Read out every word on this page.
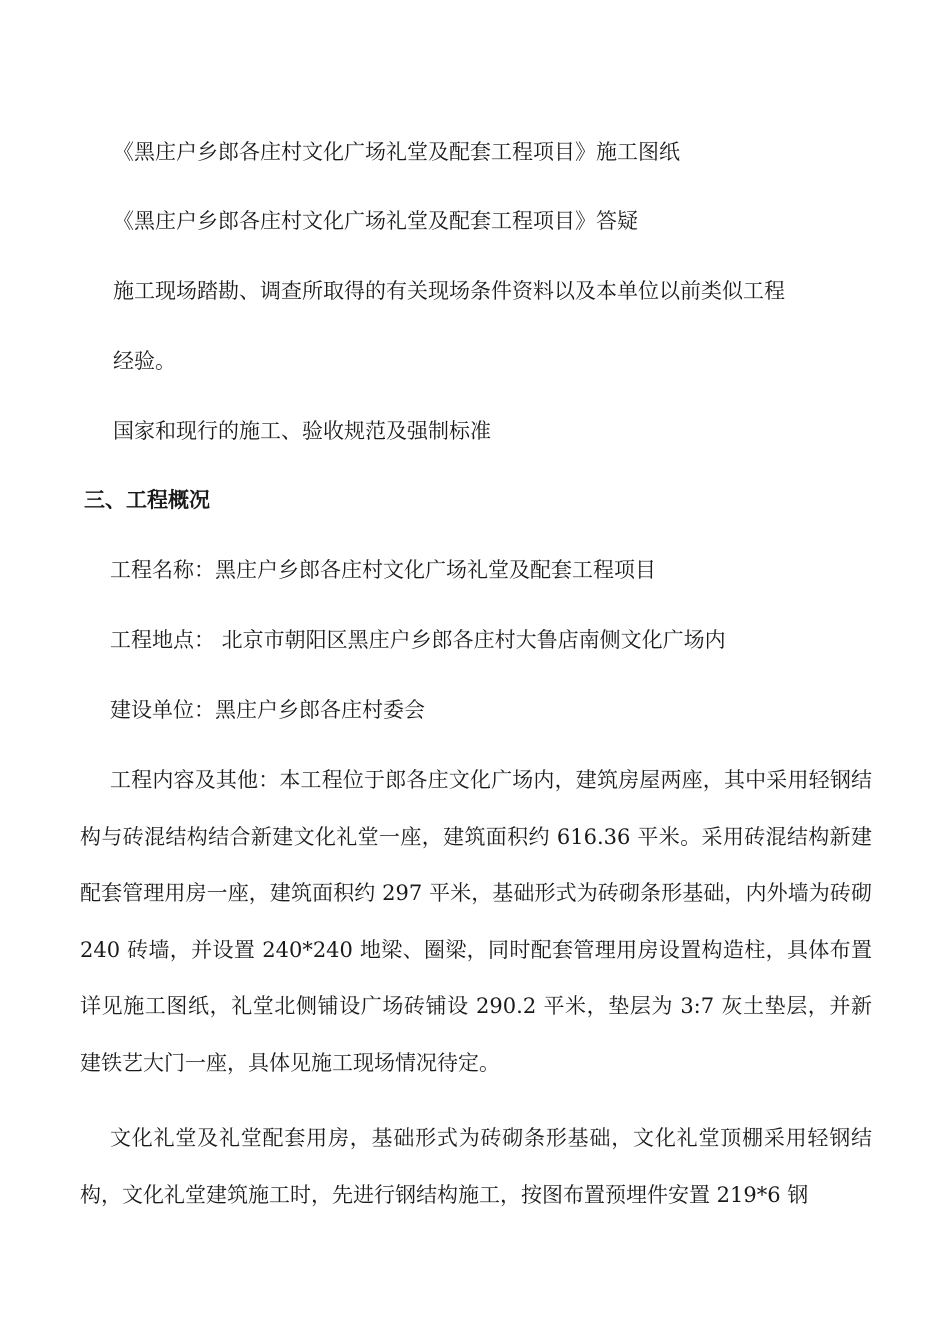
《黑庄户乡郎各庄村文化广场礼堂及配套工程项目》施工图纸
《黑庄户乡郎各庄村文化广场礼堂及配套工程项目》答疑
施工现场踏勘、调查所取得的有关现场条件资料以及本单位以前类似工程
经验。
国家和现行的施工、验收规范及强制标准
三、工程概况
工程名称：黑庄户乡郎各庄村文化广场礼堂及配套工程项目
工程地点： 北京市朝阳区黑庄户乡郎各庄村大鲁店南侧文化广场内
建设单位：黑庄户乡郎各庄村委会
工程内容及其他：本工程位于郎各庄文化广场内，建筑房屋两座，其中采用轻钢结构与砖混结构结合新建文化礼堂一座，建筑面积约 616.36 平米。采用砖混结构新建配套管理用房一座，建筑面积约 297 平米，基础形式为砖砌条形基础，内外墙为砖砌 240 砖墙，并设置 240*240 地梁、圈梁，同时配套管理用房设置构造柱，具体布置详见施工图纸，礼堂北侧铺设广场砖铺设 290.2 平米，垫层为 3:7 灰土垫层，并新建铁艺大门一座，具体见施工现场情况待定。
文化礼堂及礼堂配套用房，基础形式为砖砌条形基础，文化礼堂顶棚采用轻钢结构，文化礼堂建筑施工时，先进行钢结构施工，按图布置预埋件安置 219*6 钢
